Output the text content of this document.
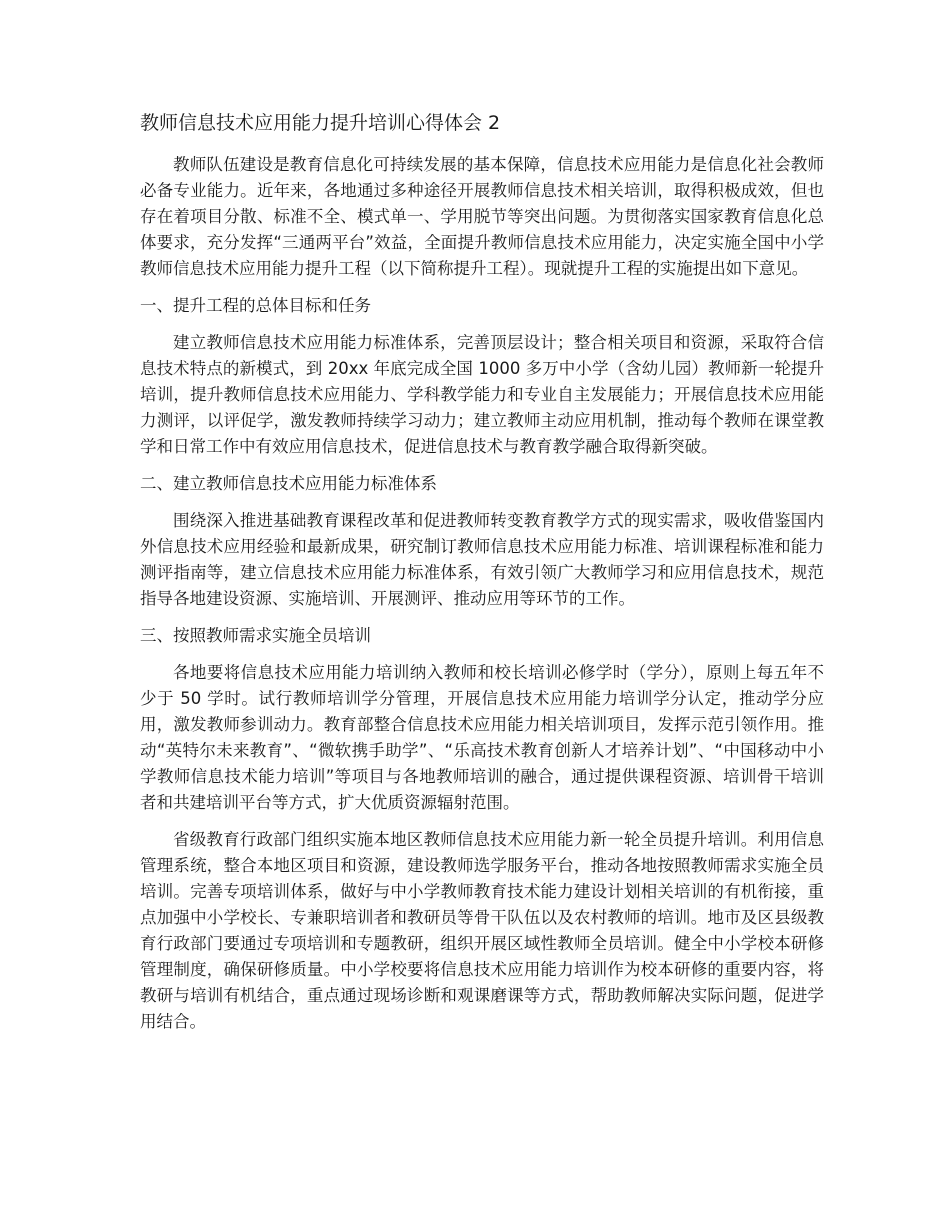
教师信息技术应用能力提升培训心得体会 2

教师队伍建设是教育信息化可持续发展的基本保障，信息技术应用能力是信息化社会教师必备专业能力。近年来，各地通过多种途径开展教师信息技术相关培训，取得积极成效，但也存在着项目分散、标准不全、模式单一、学用脱节等突出问题。为贯彻落实国家教育信息化总体要求，充分发挥“三通两平台”效益，全面提升教师信息技术应用能力，决定实施全国中小学教师信息技术应用能力提升工程（以下简称提升工程）。现就提升工程的实施提出如下意见。

一、提升工程的总体目标和任务

建立教师信息技术应用能力标准体系，完善顶层设计；整合相关项目和资源，采取符合信息技术特点的新模式，到 20xx 年底完成全国 1000 多万中小学（含幼儿园）教师新一轮提升培训，提升教师信息技术应用能力、学科教学能力和专业自主发展能力；开展信息技术应用能力测评，以评促学，激发教师持续学习动力；建立教师主动应用机制，推动每个教师在课堂教学和日常工作中有效应用信息技术，促进信息技术与教育教学融合取得新突破。

二、建立教师信息技术应用能力标准体系

围绕深入推进基础教育课程改革和促进教师转变教育教学方式的现实需求，吸收借鉴国内外信息技术应用经验和最新成果，研究制订教师信息技术应用能力标准、培训课程标准和能力测评指南等，建立信息技术应用能力标准体系，有效引领广大教师学习和应用信息技术，规范指导各地建设资源、实施培训、开展测评、推动应用等环节的工作。

三、按照教师需求实施全员培训

各地要将信息技术应用能力培训纳入教师和校长培训必修学时（学分），原则上每五年不少于 50 学时。试行教师培训学分管理，开展信息技术应用能力培训学分认定，推动学分应用，激发教师参训动力。教育部整合信息技术应用能力相关培训项目，发挥示范引领作用。推动“英特尔未来教育”、“微软携手助学”、“乐高技术教育创新人才培养计划”、“中国移动中小学教师信息技术能力培训”等项目与各地教师培训的融合，通过提供课程资源、培训骨干培训者和共建培训平台等方式，扩大优质资源辐射范围。

省级教育行政部门组织实施本地区教师信息技术应用能力新一轮全员提升培训。利用信息管理系统，整合本地区项目和资源，建设教师选学服务平台，推动各地按照教师需求实施全员培训。完善专项培训体系，做好与中小学教师教育技术能力建设计划相关培训的有机衔接，重点加强中小学校长、专兼职培训者和教研员等骨干队伍以及农村教师的培训。地市及区县级教育行政部门要通过专项培训和专题教研，组织开展区域性教师全员培训。健全中小学校本研修管理制度，确保研修质量。中小学校要将信息技术应用能力培训作为校本研修的重要内容，将教研与培训有机结合，重点通过现场诊断和观课磨课等方式，帮助教师解决实际问题，促进学用结合。
